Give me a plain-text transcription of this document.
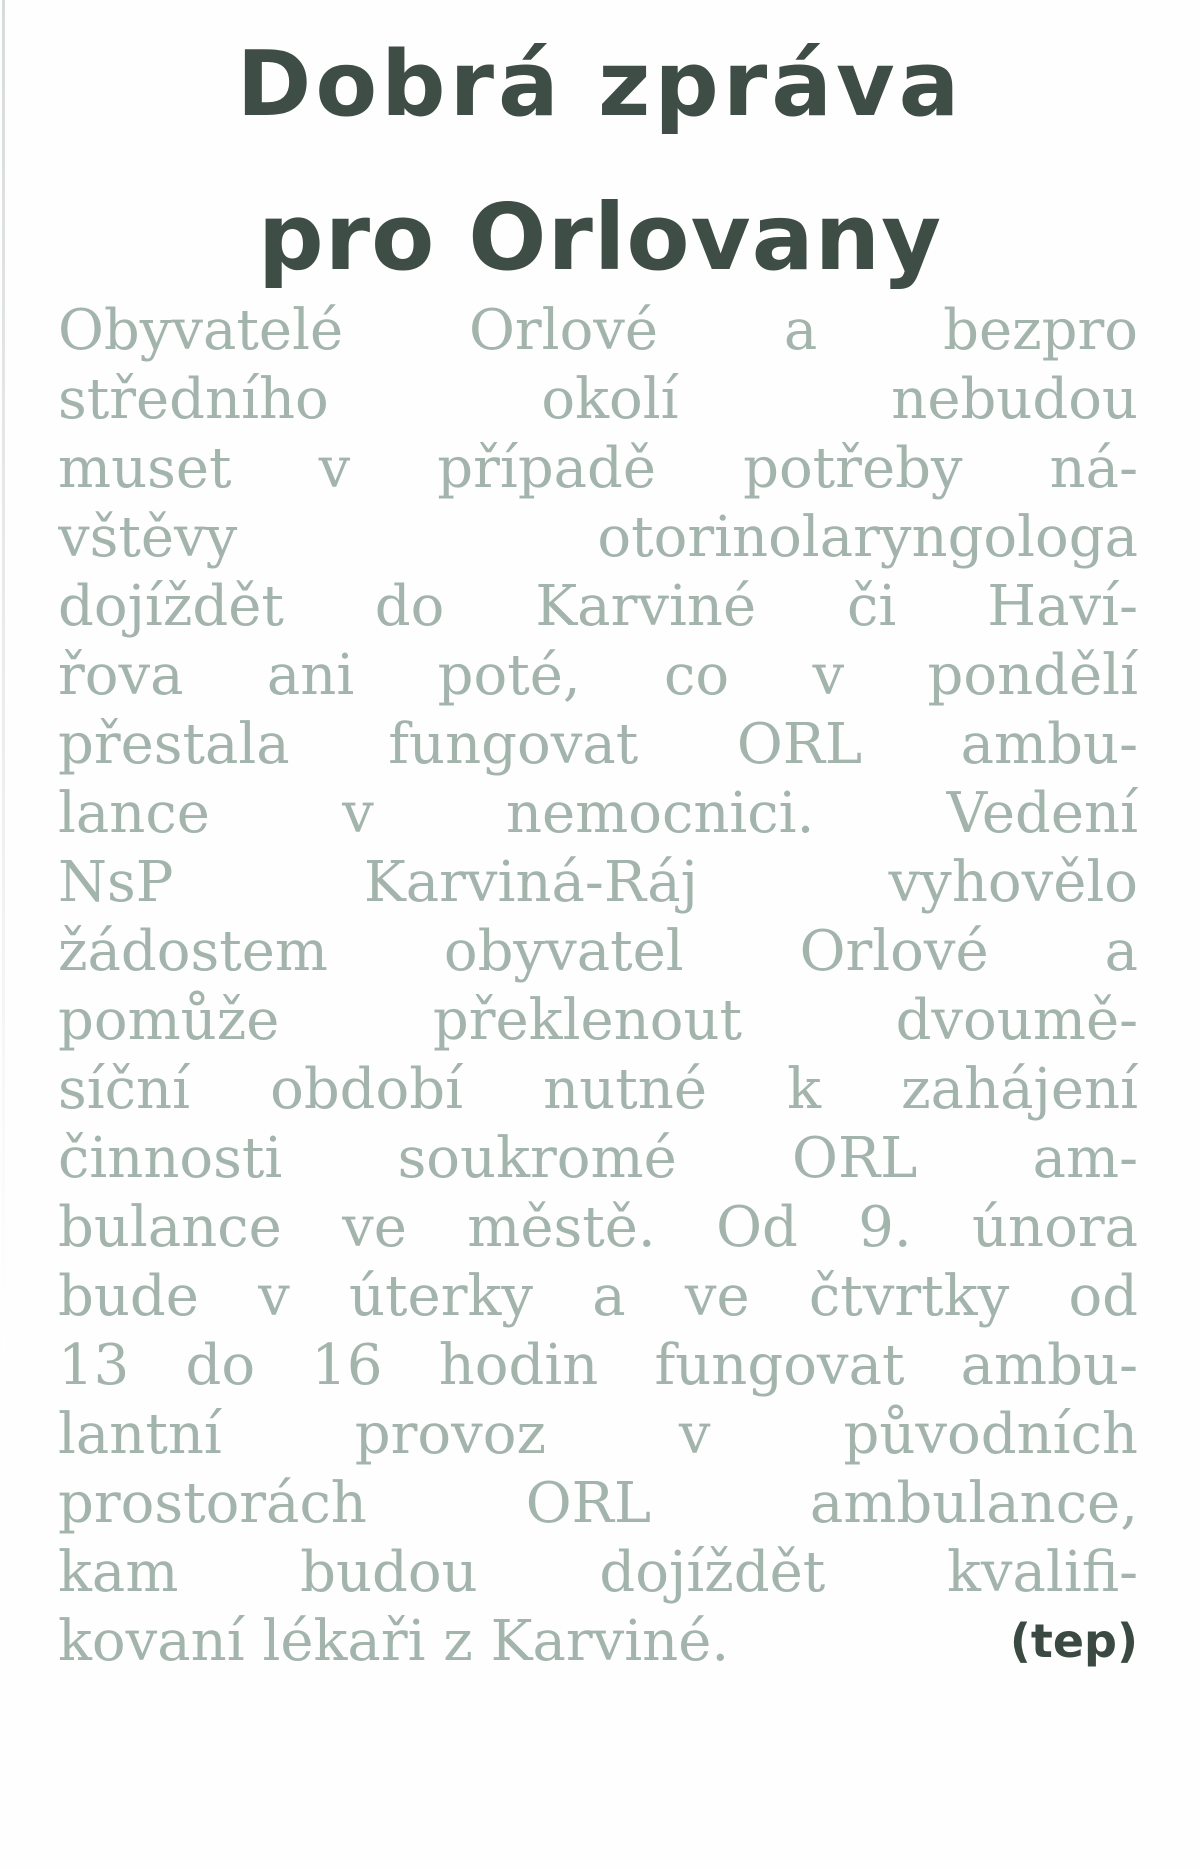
Dobrá zpráva
pro Orlovany
Obyvatelé Orlové a bezpro
středního okolí nebudou
muset v případě potřeby ná-
vštěvy otorinolaryngologa
dojíždět do Karviné či Haví-
řova ani poté, co v pondělí
přestala fungovat ORL ambu-
lance v nemocnici. Vedení
NsP Karviná-Ráj vyhovělo
žádostem obyvatel Orlové a
pomůže překlenout dvoumě-
síční období nutné k zahájení
činnosti soukromé ORL am-
bulance ve městě. Od 9. února
bude v úterky a ve čtvrtky od
13 do 16 hodin fungovat ambu-
lantní provoz v původních
prostorách ORL ambulance,
kam budou dojíždět kvalifi-
kovaní lékaři z Karviné.	(tep)
